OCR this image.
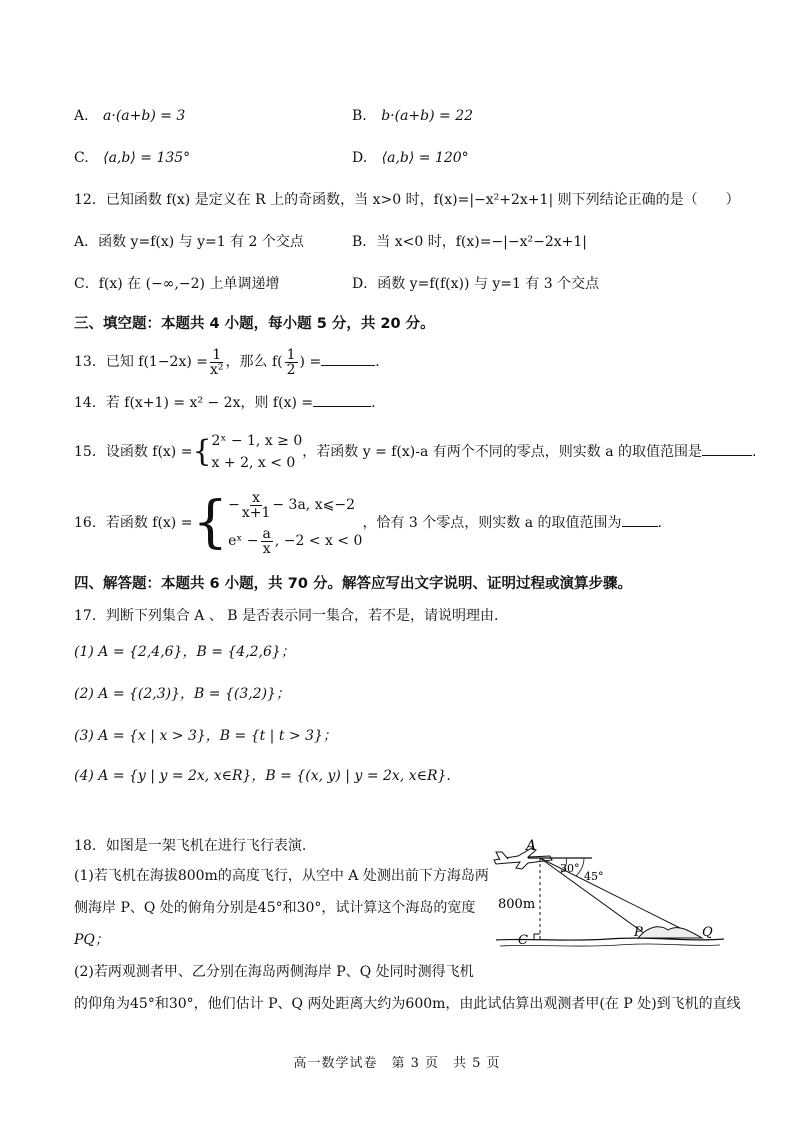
A. a·(a+b) = 3	B. b·(a+b) = 22
C. ⟨a,b⟩ = 135°	D. ⟨a,b⟩ = 120°
12．已知函数 f(x) 是定义在 R 上的奇函数，当 x>0 时，f(x)=|−x²+2x+1| 则下列结论正确的是（　　）
A．函数 y=f(x) 与 y=1 有 2 个交点	B．当 x<0 时，f(x)=−|−x²−2x+1|
C．f(x) 在 (−∞,−2) 上单调递增	D．函数 y=f(f(x)) 与 y=1 有 3 个交点
三、填空题：本题共 4 小题，每小题 5 分，共 20 分。
13．已知 $f(1-2x) = \frac{1}{\text{x²}}$ ，那么 $f( \frac{1}{2}$ ) =	.
14．若 f(x+1) = x² − 2x，则 f(x) =	.
15．设函数 f(x) ={ 2ˣ − 1, x ≥ 0
x + 2, x < 0
，若函数 y = f(x)-a 有两个不同的零点，则实数 a 的取值范围是	.
16．若函数 f(x) ={ − $\frac{x}{x+1} - 3a$, x⩽−2
eˣ − $\frac{a}{x}$ , −2 < x < 0
，恰有 3 个零点，则实数 a 的取值范围为	.
四、解答题：本题共 6 小题，共 70 分。解答应写出文字说明、证明过程或演算步骤。
17．判断下列集合 A 、 B 是否表示同一集合，若不是，请说明理由.
(1) A = {2,4,6}，B = {4,2,6}；
(2) A = {(2,3)}，B = {(3,2)}；
(3) A = {x | x > 3}，B = {t | t > 3}；
(4) A = {y | y = 2x, x∈R}，B = {(x, y) | y = 2x, x∈R}.
18．如图是一架飞机在进行飞行表演.
(1)若飞机在海拔800m的高度飞行，从空中 A 处测出前下方海岛两
侧海岸 P、Q 处的俯角分别是45°和30°，试计算这个海岛的宽度
PQ；
(2)若两观测者甲、乙分别在海岛两侧海岸 P、Q 处同时测得飞机
的仰角为45°和30°，他们估计 P、Q 两处距离大约为600m，由此试估算出观测者甲(在 P 处)到飞机的直线
A
30°
45°
800m
C
P	Q
高一数学试卷　第 3 页　共 5 页
